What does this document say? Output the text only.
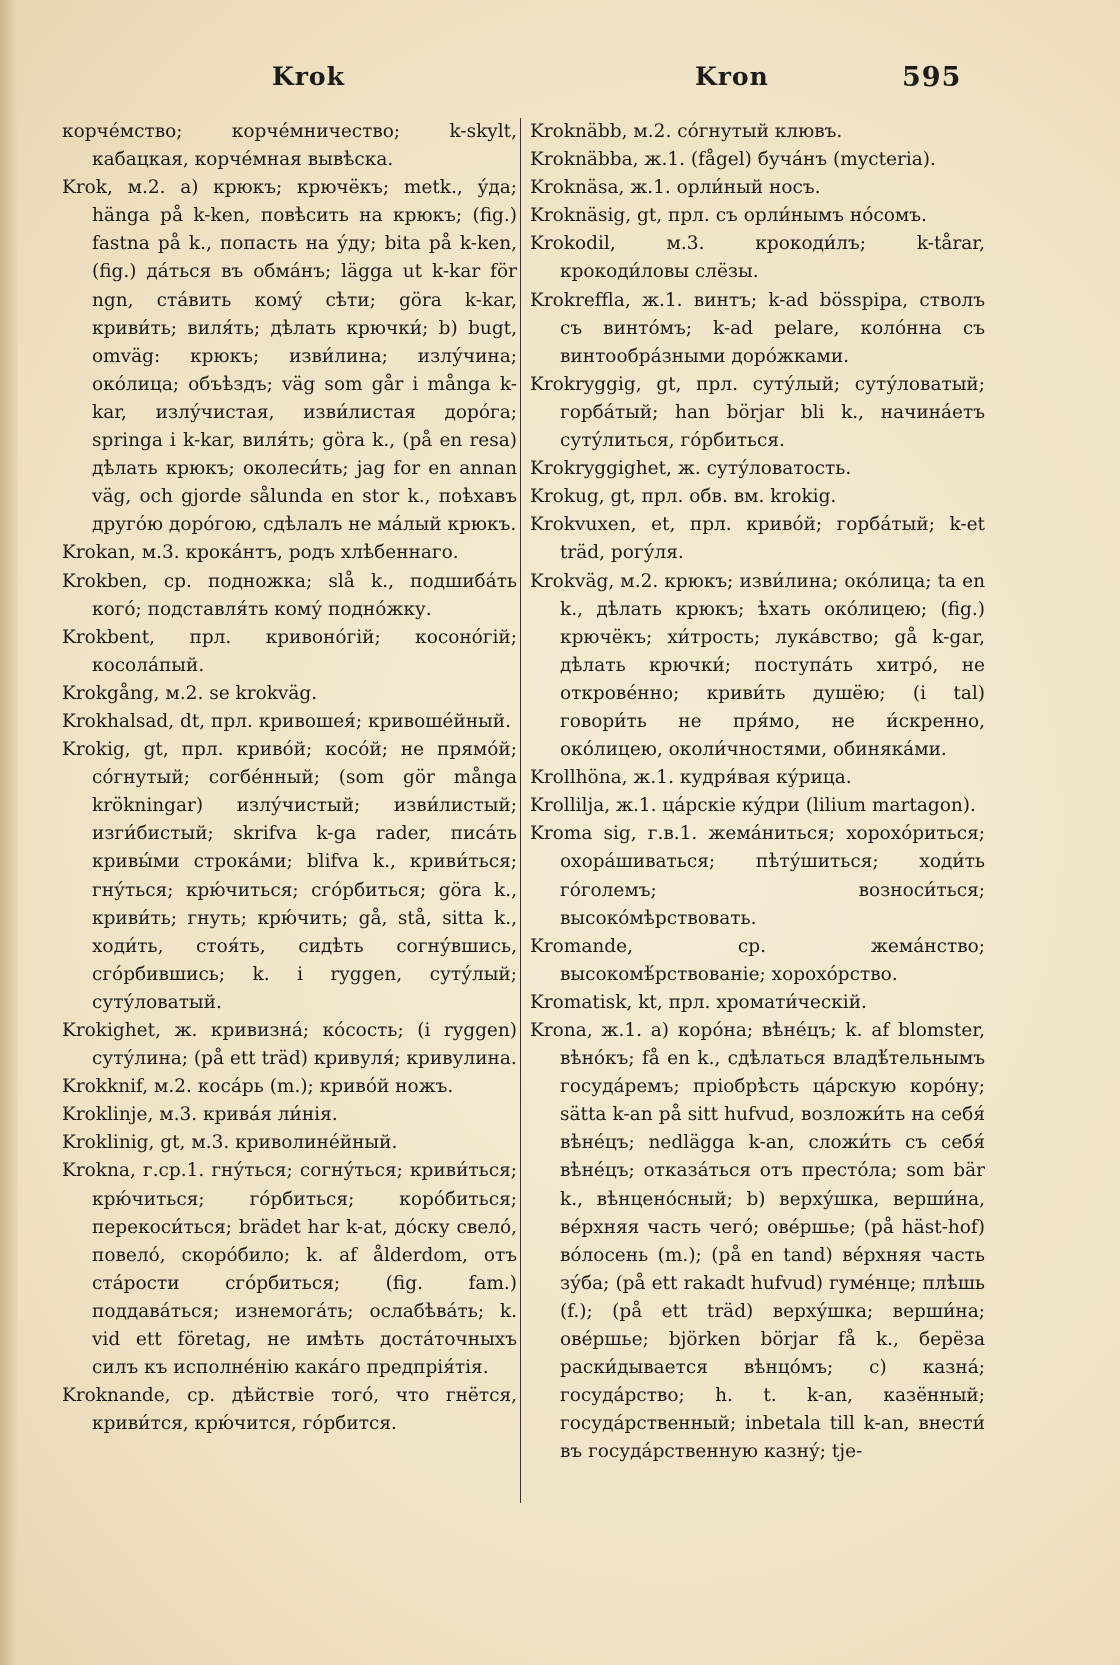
Krok	Kron	595

корче́мство; корче́мничество; k-skylt, кабацкая, корче́мная вывѣска.

Krok, м.2. а) крюкъ; крючёкъ; metk., у́да; hänga på k-ken, повѣсить на крюкъ; (fig.) fastna på k., попасть на у́ду; bita på k-ken, (fig.) да́ться въ обма́нъ; lägga ut k-kar för ngn, ста́вить кому́ сѣти; göra k-kar, криви́ть; виля́ть; дѣлать крючки́; b) bugt, omväg: крюкъ; изви́лина; излу́чина; око́лица; объѣздъ; väg som går i många k-kar, излу́чистая, изви́листая доро́га; springa i k-kar, виля́ть; göra k., (på en resa) дѣлать крюкъ; околеси́ть; jag for en annan väg, och gjorde sålunda en stor k., поѣхавъ другóю дорóгою, сдѣлалъ не ма́лый крюкъ.

Krokan, м.3. крока́нтъ, родъ хлѣбеннаго.

Krokben, ср. подножка; slå k., подшиба́ть кого́; подставля́ть кому́ подно́жку.

Krokbent, прл. кривоно́гій; косоно́гій; косола́пый.

Krokgång, м.2. se krokväg.

Krokhalsad, dt, прл. кривошея́; кривошéйный.

Krokig, gt, прл. криво́й; косо́й; не прямо́й; со́гнутый; согбе́нный; (som gör många krökningar) излу́чистый; изви́листый; изги́бистый; skrifva k-ga rader, писа́ть кривы́ми строка́ми; blifva k., криви́ться; гну́ться; крю́читься; сго́рбиться; göra k., криви́ть; гнуть; крю́чить; gå, stå, sitta k., ходи́ть, стоя́ть, сидѣть согну́вшись, сго́рбившись; k. i ryggen, суту́лый; суту́ловатый.

Krokighet, ж. кривизна́; ко́сость; (i ryggen) суту́лина; (på ett träd) кривуля́; кривулина.

Krokknif, м.2. коса́рь (m.); криво́й ножъ.

Kroklinje, м.3. крива́я ли́нія.

Kroklinig, gt, м.3. криволине́йный.

Krokna, г.ср.1. гну́ться; согну́ться; криви́ться; крю́читься; го́рбиться; коро́биться; перекоси́ться; brädet har k-at, до́ску свело́, повело́, скоро́било; k. af ålderdom, отъ ста́рости сго́рбиться; (fig. fam.) поддава́ться; изнемога́ть; ослабѣва́ть; k. vid ett företag, не имѣть доста́точныхъ силъ къ исполне́нію кака́го предпрія́тія.

Kroknande, ср. дѣйствіе того́, что гнётся, криви́тся, крю́чится, го́рбится.

Kroknäbb, м.2. со́гнутый клювъ.

Kroknäbba, ж.1. (fågel) буча́нъ (mycteria).

Kroknäsa, ж.1. орли́ный носъ.

Kroknäsig, gt, прл. съ орли́нымъ но́сомъ.

Krokodil, м.3. крокоди́лъ; k-tårar, крокоди́ловы слёзы.

Krokreffla, ж.1. винтъ; k-ad bösspipa, стволъ съ винто́мъ; k-ad pelare, коло́нна съ винтообра́зными доро́жками.

Krokryggig, gt, прл. суту́лый; суту́ловатый; горба́тый; han börjar bli k., начина́етъ суту́литься, го́рбиться.

Krokryggighet, ж. суту́ловатость.

Krokug, gt, прл. обв. вм. krokig.

Krokvuxen, et, прл. криво́й; горба́тый; k-et träd, рогу́ля.

Krokväg, м.2. крюкъ; изви́лина; око́лица; ta en k., дѣлать крюкъ; ѣхать око́лицею; (fig.) крючёкъ; хи́трость; лука́вство; gå k-gar, дѣлать крючки́; поступа́ть хитро́, не открове́нно; криви́ть душёю; (i tal) говори́ть не пря́мо, не и́скренно, око́лицею, околи́чностями, обиняка́ми.

Krollhöna, ж.1. кудря́вая ку́рица.

Krollilja, ж.1. ца́рскіе ку́дри (lilium martagon).

Kroma sig, г.в.1. жема́ниться; хорохо́риться; охора́шиваться; пѣту́шиться; ходи́ть го́големъ; возноси́ться; высоко́мѣрствовать.

Kromande, ср. жема́нство; высокомѣ́рствованіе; хорохо́рство.

Kromatisk, kt, прл. хромати́ческій.

Krona, ж.1. а) коро́на; вѣне́цъ; k. af blomster, вѣно́къ; få en k., сдѣлаться владѣ́тельнымъ госуда́ремъ; пріобрѣсть ца́рскую коро́ну; sätta k-an på sitt hufvud, возложи́ть на себя́ вѣне́цъ; nedlägga k-an, сложи́ть съ себя́ вѣне́цъ; отказа́ться отъ престо́ла; som bär k., вѣнцено́сный; b) верху́шка, верши́на, ве́рхняя часть чего́; ове́ршье; (på häst-hof) во́лосень (m.); (på en tand) ве́рхняя часть зу́ба; (på ett rakadt hufvud) гуме́нце; плѣшь (f.); (på ett träd) верху́шка; верши́на; ове́ршье; björken börjar få k., берёза раски́дывается вѣнцо́мъ; c) казна́; госуда́рство; h. t. k-an, казённый; госуда́рственный; inbetala till k-an, внести́ въ госуда́рственную казну́; tje-
